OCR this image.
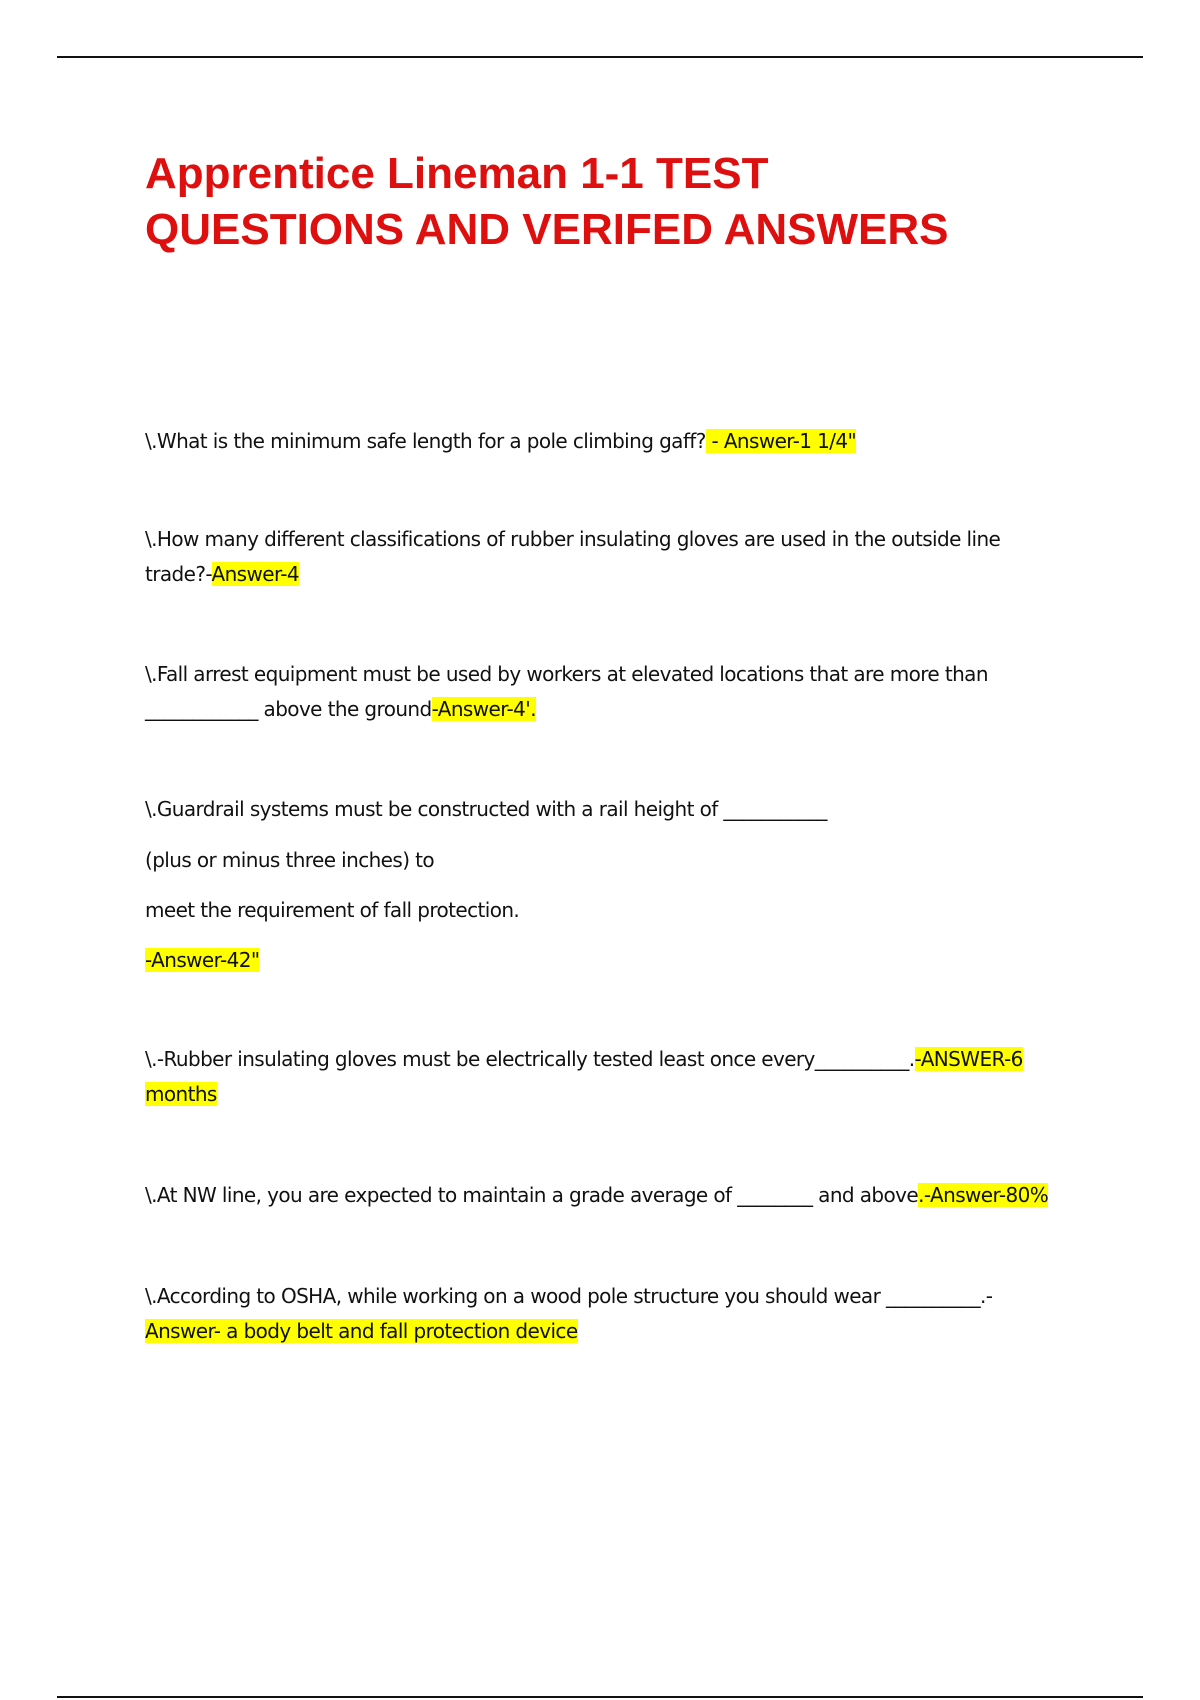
Apprentice Lineman 1-1 TEST
QUESTIONS AND VERIFED ANSWERS

\.What is the minimum safe length for a pole climbing gaff? - Answer-1 1/4"

\.How many different classifications of rubber insulating gloves are used in the outside line
trade?-Answer-4

\.Fall arrest equipment must be used by workers at elevated locations that are more than
____________ above the ground-Answer-4'.

\.Guardrail systems must be constructed with a rail height of ___________

(plus or minus three inches) to

meet the requirement of fall protection.

-Answer-42"

\.-Rubber insulating gloves must be electrically tested least once every__________.-ANSWER-6
months

\.At NW line, you are expected to maintain a grade average of ________ and above.-Answer-80%

\.According to OSHA, while working on a wood pole structure you should wear __________.-
Answer- a body belt and fall protection device
